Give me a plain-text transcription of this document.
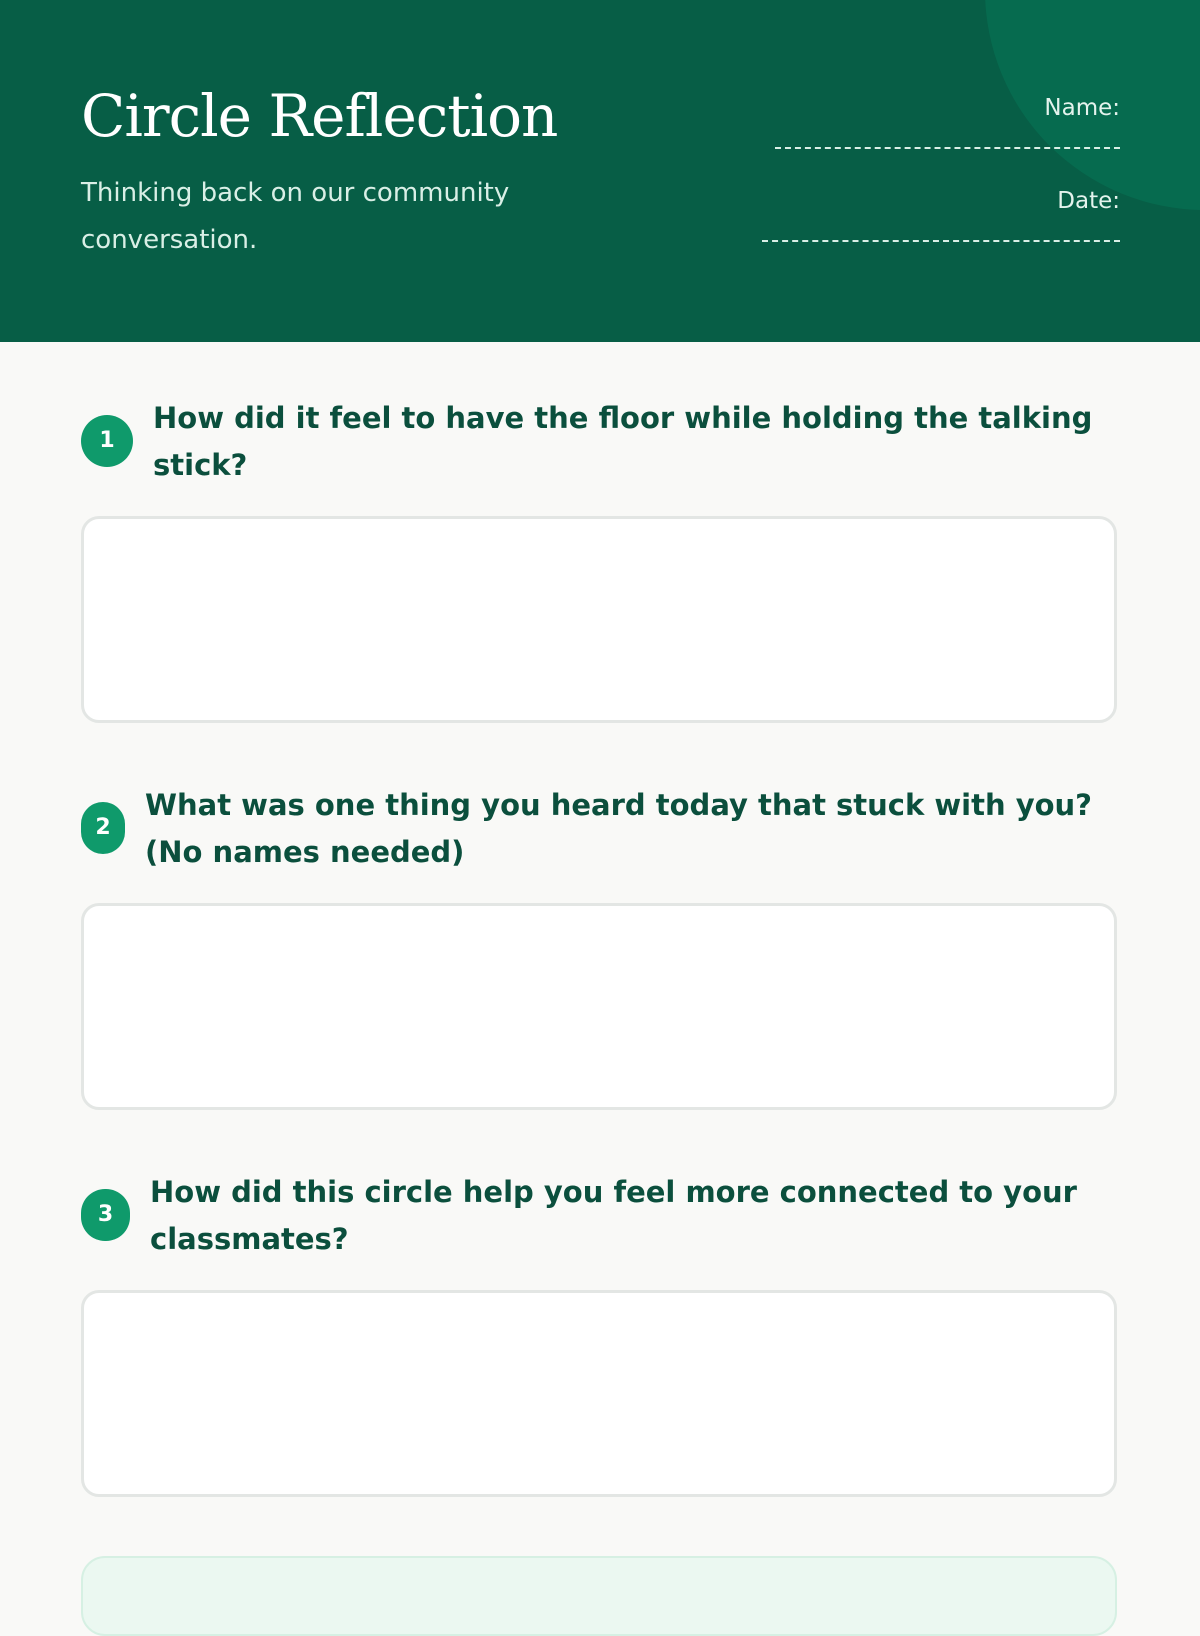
Circle Reflection

Thinking back on our community conversation.

Name:
Date:
1

How did it feel to have the floor while holding the talking stick?

2

What was one thing you heard today that stuck with you? (No names needed)

3

How did this circle help you feel more connected to your classmates?
